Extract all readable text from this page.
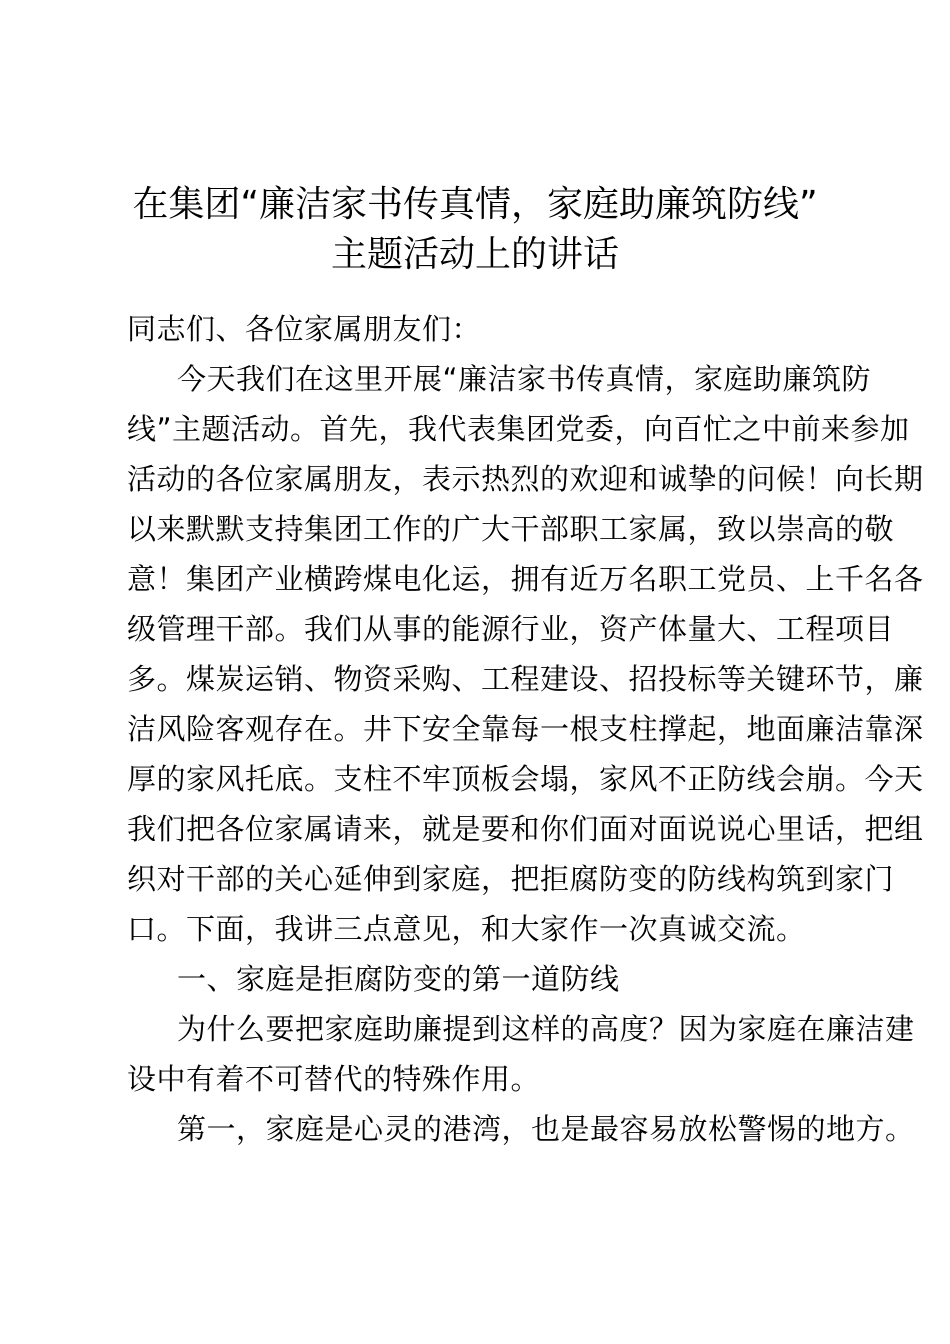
在集团“廉洁家书传真情，家庭助廉筑防线”
主题活动上的讲话

同志们、各位家属朋友们：

今天我们在这里开展“廉洁家书传真情，家庭助廉筑防
线”主题活动。首先，我代表集团党委，向百忙之中前来参加
活动的各位家属朋友，表示热烈的欢迎和诚挚的问候！向长期
以来默默支持集团工作的广大干部职工家属，致以崇高的敬
意！集团产业横跨煤电化运，拥有近万名职工党员、上千名各
级管理干部。我们从事的能源行业，资产体量大、工程项目
多。煤炭运销、物资采购、工程建设、招投标等关键环节，廉
洁风险客观存在。井下安全靠每一根支柱撑起，地面廉洁靠深
厚的家风托底。支柱不牢顶板会塌，家风不正防线会崩。今天
我们把各位家属请来，就是要和你们面对面说说心里话，把组
织对干部的关心延伸到家庭，把拒腐防变的防线构筑到家门
口。下面，我讲三点意见，和大家作一次真诚交流。

一、家庭是拒腐防变的第一道防线

为什么要把家庭助廉提到这样的高度？因为家庭在廉洁建
设中有着不可替代的特殊作用。

第一，家庭是心灵的港湾，也是最容易放松警惕的地方。
